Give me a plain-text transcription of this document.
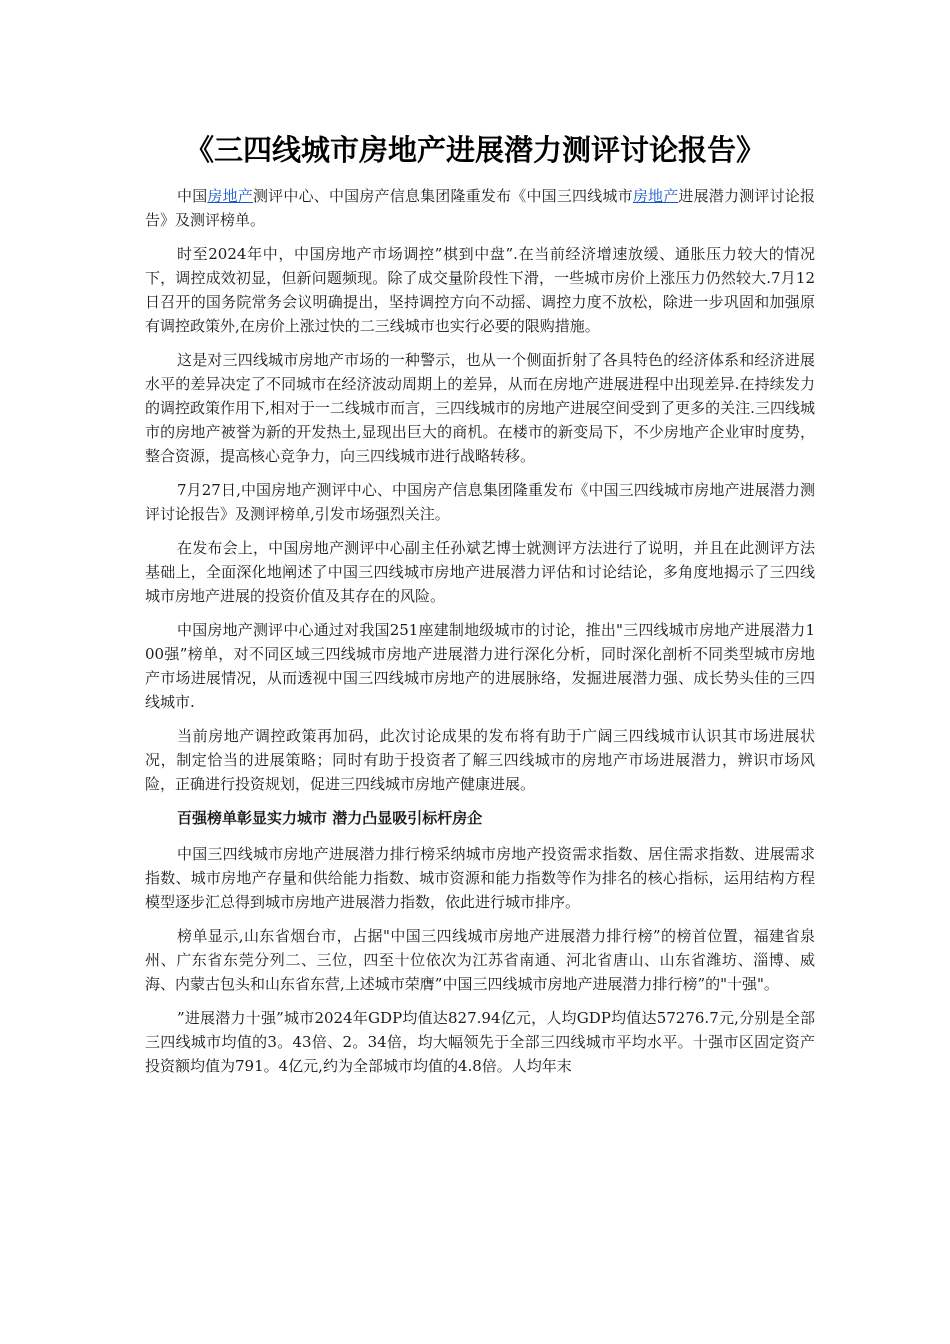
《三四线城市房地产进展潜力测评讨论报告》

中国房地产测评中心、中国房产信息集团隆重发布《中国三四线城市房地产进展潜力测评讨论报告》及测评榜单。

时至2024年中，中国房地产市场调控”棋到中盘”.在当前经济增速放缓、通胀压力较大的情况下，调控成效初显，但新问题频现。除了成交量阶段性下滑，一些城市房价上涨压力仍然较大.7月12日召开的国务院常务会议明确提出，坚持调控方向不动摇、调控力度不放松，除进一步巩固和加强原有调控政策外,在房价上涨过快的二三线城市也实行必要的限购措施。

这是对三四线城市房地产市场的一种警示，也从一个侧面折射了各具特色的经济体系和经济进展水平的差异决定了不同城市在经济波动周期上的差异，从而在房地产进展进程中出现差异.在持续发力的调控政策作用下,相对于一二线城市而言，三四线城市的房地产进展空间受到了更多的关注.三四线城市的房地产被誉为新的开发热土,显现出巨大的商机。在楼市的新变局下，不少房地产企业审时度势，整合资源，提高核心竞争力，向三四线城市进行战略转移。

7月27日,中国房地产测评中心、中国房产信息集团隆重发布《中国三四线城市房地产进展潜力测评讨论报告》及测评榜单,引发市场强烈关注。

在发布会上，中国房地产测评中心副主任孙斌艺博士就测评方法进行了说明，并且在此测评方法基础上，全面深化地阐述了中国三四线城市房地产进展潜力评估和讨论结论，多角度地揭示了三四线城市房地产进展的投资价值及其存在的风险。

中国房地产测评中心通过对我国251座建制地级城市的讨论，推出"三四线城市房地产进展潜力100强”榜单，对不同区域三四线城市房地产进展潜力进行深化分析，同时深化剖析不同类型城市房地产市场进展情况，从而透视中国三四线城市房地产的进展脉络，发掘进展潜力强、成长势头佳的三四线城市.

当前房地产调控政策再加码，此次讨论成果的发布将有助于广阔三四线城市认识其市场进展状况，制定恰当的进展策略；同时有助于投资者了解三四线城市的房地产市场进展潜力，辨识市场风险，正确进行投资规划，促进三四线城市房地产健康进展。

百强榜单彰显实力城市 潜力凸显吸引标杆房企

中国三四线城市房地产进展潜力排行榜采纳城市房地产投资需求指数、居住需求指数、进展需求指数、城市房地产存量和供给能力指数、城市资源和能力指数等作为排名的核心指标，运用结构方程模型逐步汇总得到城市房地产进展潜力指数，依此进行城市排序。

榜单显示,山东省烟台市，占据"中国三四线城市房地产进展潜力排行榜”的榜首位置，福建省泉州、广东省东莞分列二、三位，四至十位依次为江苏省南通、河北省唐山、山东省潍坊、淄博、威海、内蒙古包头和山东省东营,上述城市荣膺”中国三四线城市房地产进展潜力排行榜”的"十强"。

”进展潜力十强”城市2024年GDP均值达827.94亿元，人均GDP均值达57276.7元,分别是全部三四线城市均值的3。43倍、2。34倍，均大幅领先于全部三四线城市平均水平。十强市区固定资产投资额均值为791。4亿元,约为全部城市均值的4.8倍。人均年末
